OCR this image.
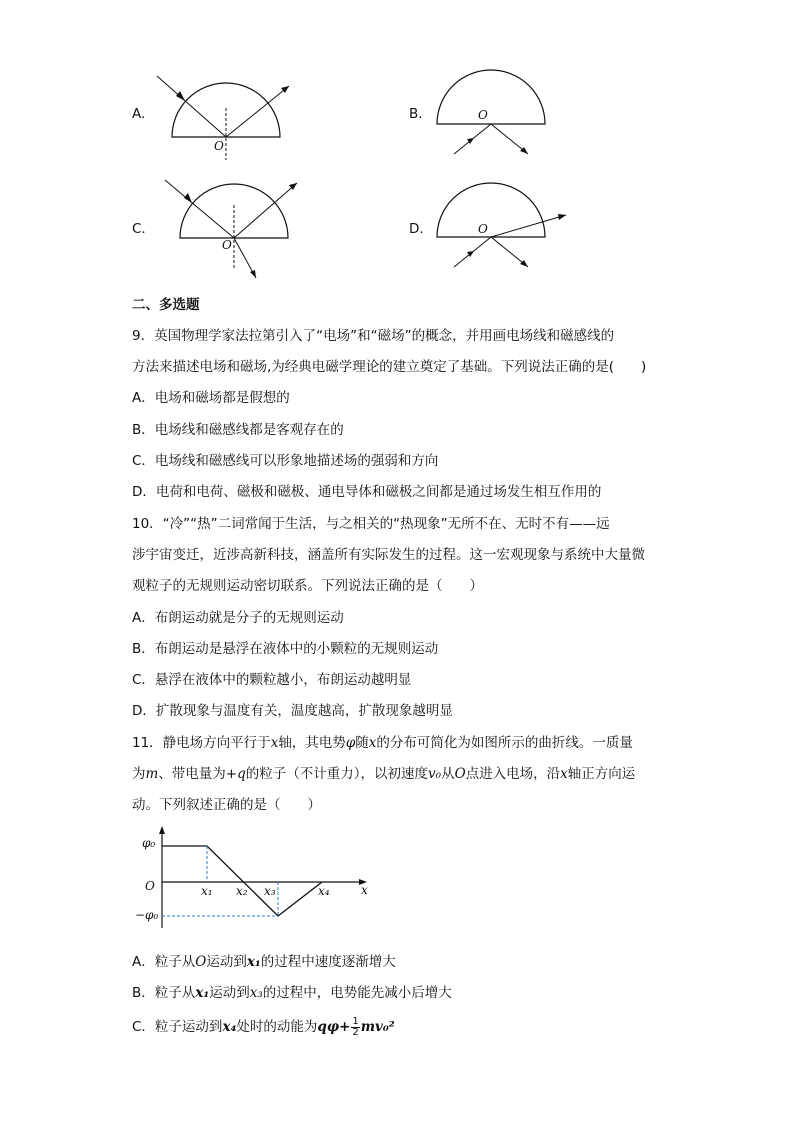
A.
O
B.	O
C.
O
D.	O
二、多选题
9．英国物理学家法拉第引入了“电场”和“磁场”的概念，并用画电场线和磁感线的
方法来描述电场和磁场,为经典电磁学理论的建立奠定了基础。下列说法正确的是(　　)
A．电场和磁场都是假想的
B．电场线和磁感线都是客观存在的
C．电场线和磁感线可以形象地描述场的强弱和方向
D．电荷和电荷、磁极和磁极、通电导体和磁极之间都是通过场发生相互作用的
10．“冷”“热”二词常闻于生活，与之相关的“热现象”无所不在、无时不有——远
涉宇宙变迁，近涉高新科技，涵盖所有实际发生的过程。这一宏观现象与系统中大量微
观粒子的无规则运动密切联系。下列说法正确的是（　　）
A．布朗运动就是分子的无规则运动
B．布朗运动是悬浮在液体中的小颗粒的无规则运动
C．悬浮在液体中的颗粒越小，布朗运动越明显
D．扩散现象与温度有关，温度越高，扩散现象越明显
11．静电场方向平行于x轴，其电势φ随x的分布可简化为如图所示的曲折线。一质量
为m、带电量为+q的粒子（不计重力），以初速度v₀从O点进入电场，沿x轴正方向运
动。下列叙述正确的是（　　）
φ₀
−φ₀
O	x₁ x₂ x₃	x₄	x
A．粒子从O运动到x₁的过程中速度逐渐增大
B．粒子从x₁运动到x₃的过程中，电势能先减小后增大
C．粒子运动到x₄处时的动能为$q\varphi+ \frac{1}{2} mv_0^2$
